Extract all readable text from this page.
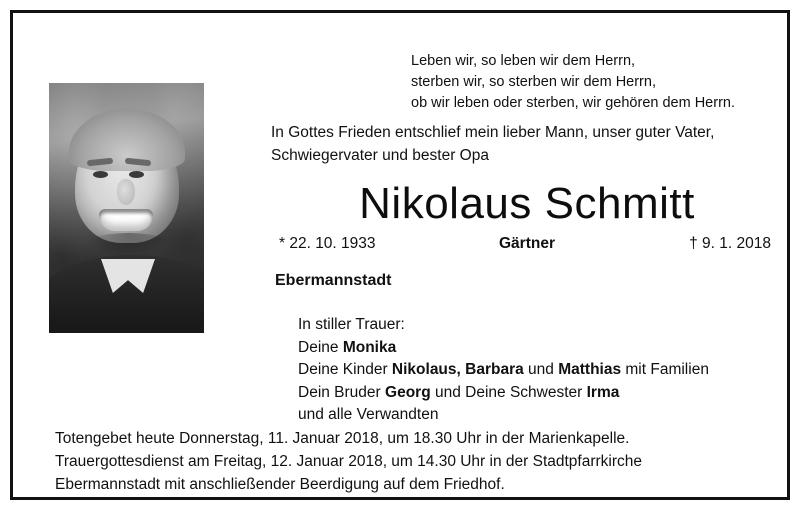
Leben wir, so leben wir dem Herrn,
sterben wir, so sterben wir dem Herrn,
ob wir leben oder sterben, wir gehören dem Herrn.
In Gottes Frieden entschlief mein lieber Mann, unser guter Vater,
Schwiegervater und bester Opa
Nikolaus Schmitt
* 22. 10. 1933	Gärtner	† 9. 1. 2018
Ebermannstadt
In stiller Trauer:
Deine Monika
Deine Kinder Nikolaus, Barbara und Matthias mit Familien
Dein Bruder Georg und Deine Schwester Irma
und alle Verwandten
Totengebet heute Donnerstag, 11. Januar 2018, um 18.30 Uhr in der Marienkapelle.
Trauergottesdienst am Freitag, 12. Januar 2018, um 14.30 Uhr in der Stadtpfarrkirche
Ebermannstadt mit anschließender Beerdigung auf dem Friedhof.
